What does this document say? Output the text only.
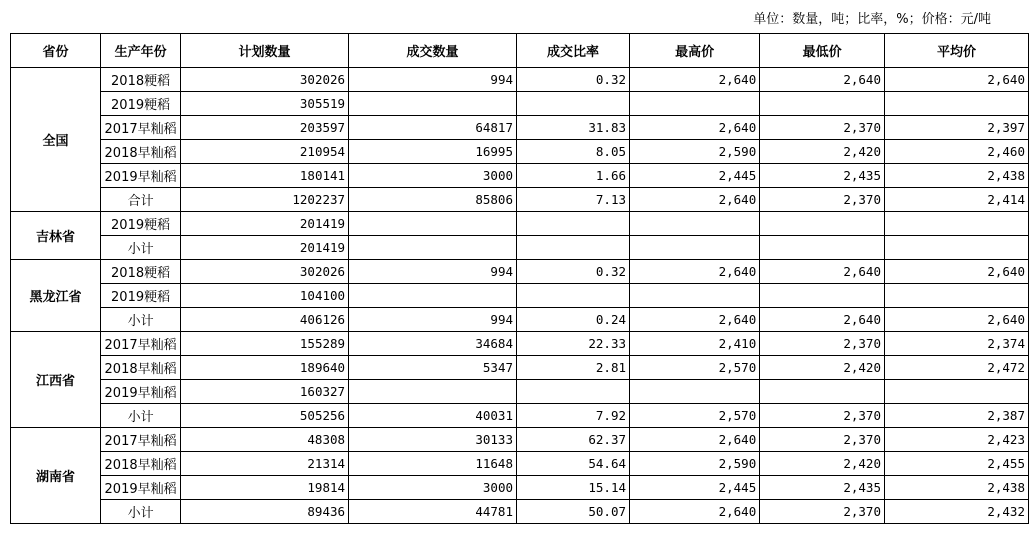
单位：数量，吨；比率，%；价格：元/吨
省份	生产年份	计划数量	成交数量	成交比率	最高价	最低价	平均价
全国	2018粳稻	302026	994	0.32	2,640	2,640	2,640
	2019粳稻	305519					
	2017早籼稻	203597	64817	31.83	2,640	2,370	2,397
	2018早籼稻	210954	16995	8.05	2,590	2,420	2,460
	2019早籼稻	180141	3000	1.66	2,445	2,435	2,438
	合计	1202237	85806	7.13	2,640	2,370	2,414
吉林省	2019粳稻	201419					
	小计	201419					
黑龙江省	2018粳稻	302026	994	0.32	2,640	2,640	2,640
	2019粳稻	104100					
	小计	406126	994	0.24	2,640	2,640	2,640
江西省	2017早籼稻	155289	34684	22.33	2,410	2,370	2,374
	2018早籼稻	189640	5347	2.81	2,570	2,420	2,472
	2019早籼稻	160327					
	小计	505256	40031	7.92	2,570	2,370	2,387
湖南省	2017早籼稻	48308	30133	62.37	2,640	2,370	2,423
	2018早籼稻	21314	11648	54.64	2,590	2,420	2,455
	2019早籼稻	19814	3000	15.14	2,445	2,435	2,438
	小计	89436	44781	50.07	2,640	2,370	2,432
